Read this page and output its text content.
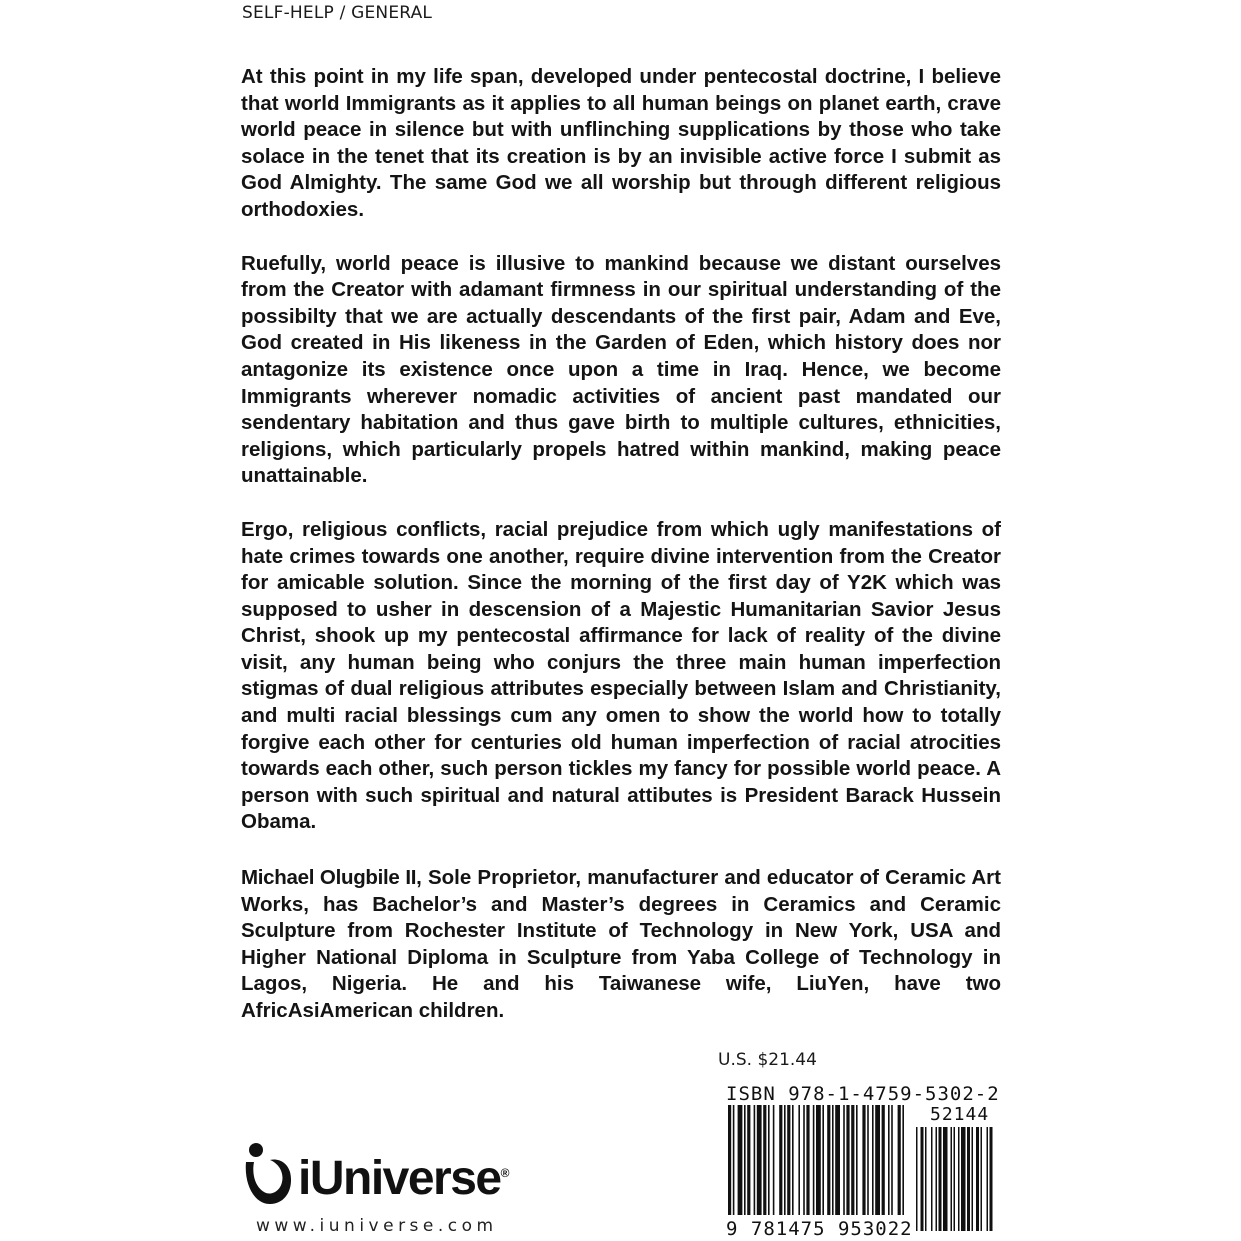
SELF-HELP / GENERAL

At this point in my life span, developed under pentecostal doctrine, I believe that world Immigrants as it applies to all human beings on planet earth, crave world peace in silence but with unflinching supplications by those who take solace in the tenet that its creation is by an invisible active force I submit as God Almighty. The same God we all worship but through different religious orthodoxies.

Ruefully, world peace is illusive to mankind because we distant ourselves from the Creator with adamant firmness in our spiritual understanding of the possibilty that we are actually descendants of the first pair, Adam and Eve, God created in His likeness in the Garden of Eden, which history does nor antagonize its existence once upon a time in Iraq. Hence, we become Immigrants wherever nomadic activities of ancient past mandated our sendentary habitation and thus gave birth to multiple cultures, ethnicities, religions, which particularly propels hatred within mankind, making peace unattainable.

Ergo, religious conflicts, racial prejudice from which ugly manifestations of hate crimes towards one another, require divine intervention from the Creator for amicable solution. Since the morning of the first day of Y2K which was supposed to usher in descension of a Majestic Humanitarian Savior Jesus Christ, shook up my pentecostal affirmance for lack of reality of the divine visit, any human being who conjurs the three main human imperfection stigmas of dual religious attributes especially between Islam and Christianity, and multi racial blessings cum any omen to show the world how to totally forgive each other for centuries old human imperfection of racial atrocities towards each other, such person tickles my fancy for possible world peace. A person with such spiritual and natural attibutes is President Barack Hussein Obama.

Michael Olugbile II, Sole Proprietor, manufacturer and educator of Ceramic Art Works, has Bachelor’s and Master’s degrees in Ceramics and Ceramic Sculpture from Rochester Institute of Technology in New York, USA and Higher National Diploma in Sculpture from Yaba College of Technology in Lagos, Nigeria. He and his Taiwanese wife, LiuYen, have two AfricAsiAmerican children.
U.S. $21.44
ISBN 978-1-4759-5302-2
52144
9 781475 953022
iUniverse®
www.iuniverse.com
